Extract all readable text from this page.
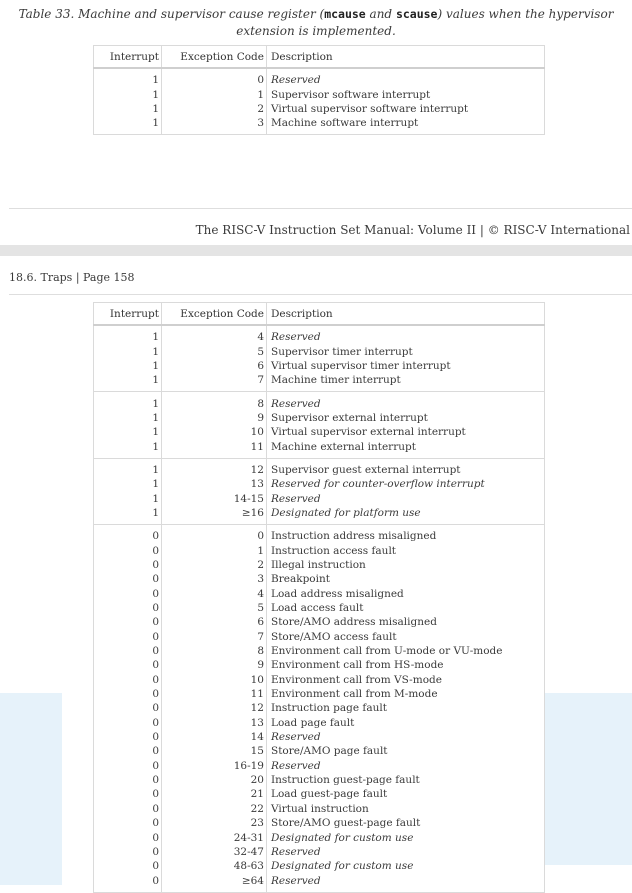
Table 33. Machine and supervisor cause register (mcause and scause) values when the hypervisor extension is implemented.
Interrupt	Exception Code	Description
1	0	Reserved
1	1	Supervisor software interrupt
1	2	Virtual supervisor software interrupt
1	3	Machine software interrupt
The RISC-V Instruction Set Manual: Volume II | © RISC-V International
18.6. Traps | Page 158
Interrupt	Exception Code	Description
1	4	Reserved
1	5	Supervisor timer interrupt
1	6	Virtual supervisor timer interrupt
1	7	Machine timer interrupt
1	8	Reserved
1	9	Supervisor external interrupt
1	10	Virtual supervisor external interrupt
1	11	Machine external interrupt
1	12	Supervisor guest external interrupt
1	13	Reserved for counter-overflow interrupt
1	14-15	Reserved
1	≥16	Designated for platform use
0	0	Instruction address misaligned
0	1	Instruction access fault
0	2	Illegal instruction
0	3	Breakpoint
0	4	Load address misaligned
0	5	Load access fault
0	6	Store/AMO address misaligned
0	7	Store/AMO access fault
0	8	Environment call from U-mode or VU-mode
0	9	Environment call from HS-mode
0	10	Environment call from VS-mode
0	11	Environment call from M-mode
0	12	Instruction page fault
0	13	Load page fault
0	14	Reserved
0	15	Store/AMO page fault
0	16-19	Reserved
0	20	Instruction guest-page fault
0	21	Load guest-page fault
0	22	Virtual instruction
0	23	Store/AMO guest-page fault
0	24-31	Designated for custom use
0	32-47	Reserved
0	48-63	Designated for custom use
0	≥64	Reserved
